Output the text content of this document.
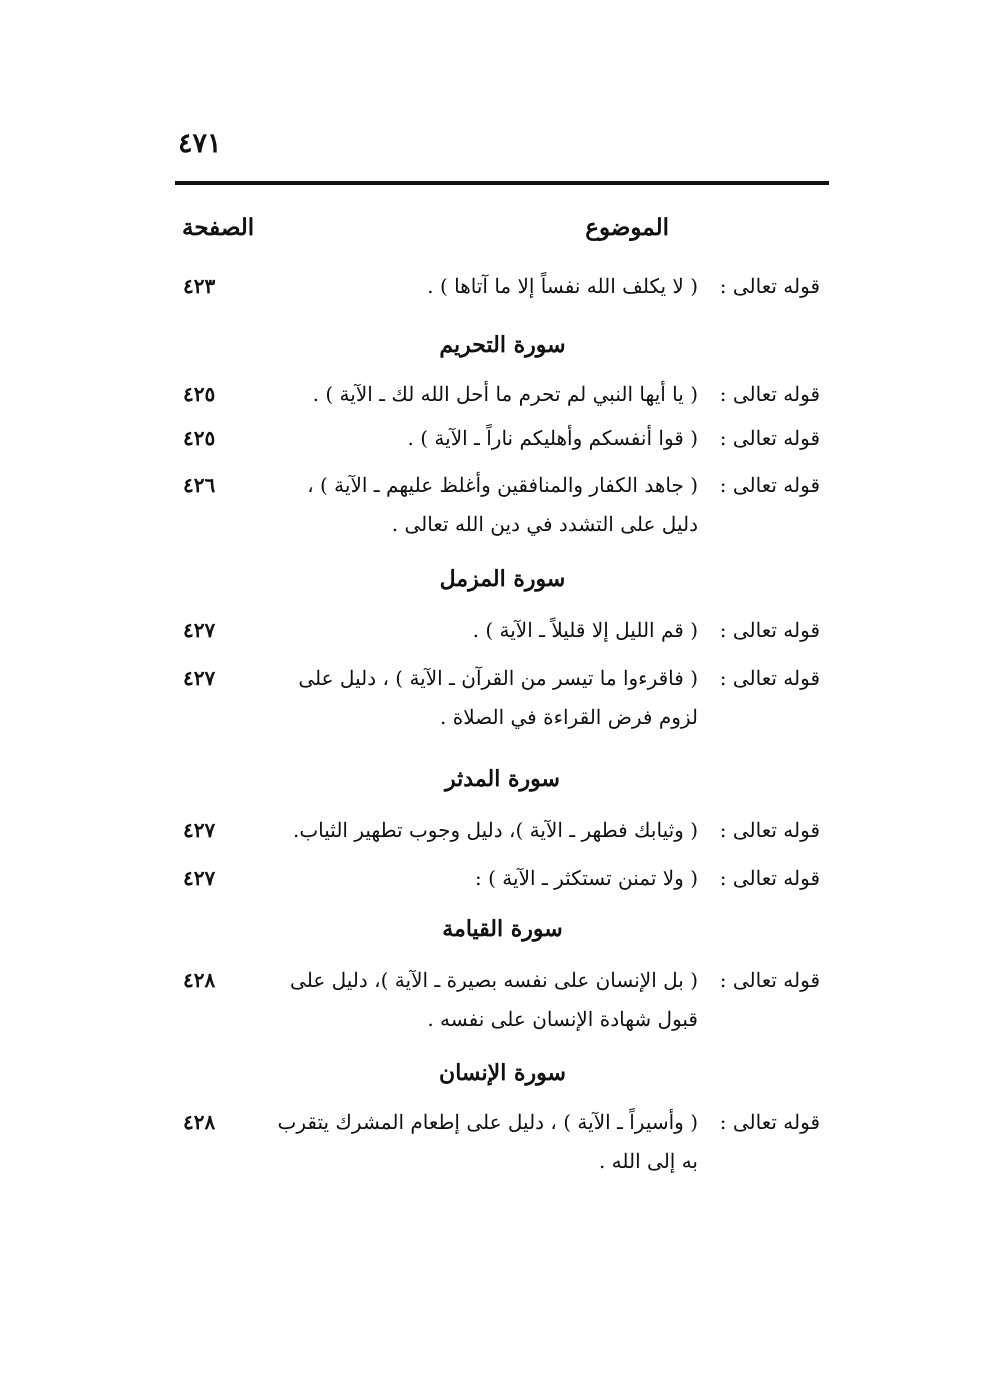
٤٧١
الموضوع
الصفحة
قوله تعالى :
( لا يكلف الله نفساً إلا ما آتاها ) .
٤٢٣
سورة التحريم
قوله تعالى :
( يا أيها النبي لم تحرم ما أحل الله لك ـ الآية ) .
٤٢٥
قوله تعالى :
( قوا أنفسكم وأهليكم ناراً ـ الآية ) .
٤٢٥
قوله تعالى :
( جاهد الكفار والمنافقين وأغلظ عليهم ـ الآية ) ،
٤٢٦
دليل على التشدد في دين الله تعالى .
سورة المزمل
قوله تعالى :
( قم الليل إلا قليلاً ـ الآية ) .
٤٢٧
قوله تعالى :
( فاقرءوا ما تيسر من القرآن ـ الآية ) ، دليل على
٤٢٧
لزوم فرض القراءة في الصلاة .
سورة المدثر
قوله تعالى :
( وثيابك فطهر ـ الآية )، دليل وجوب تطهير الثياب.
٤٢٧
قوله تعالى :
( ولا تمنن تستكثر ـ الآية ) :
٤٢٧
سورة القيامة
قوله تعالى :
( بل الإنسان على نفسه بصيرة ـ الآية )، دليل على
٤٢٨
قبول شهادة الإنسان على نفسه .
سورة الإنسان
قوله تعالى :
( وأسيراً ـ الآية ) ، دليل على إطعام المشرك يتقرب
٤٢٨
به إلى الله .
